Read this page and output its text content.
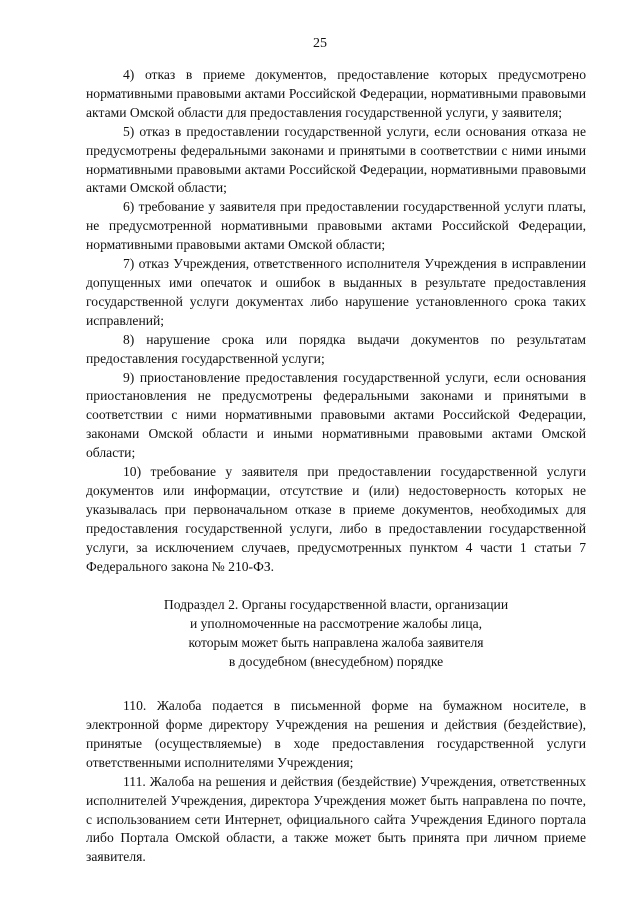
25

4) отказ в приеме документов, предоставление которых предусмотрено нормативными правовыми актами Российской Федерации, нормативными правовыми актами Омской области для предоставления государственной услуги, у заявителя;

5) отказ в предоставлении государственной услуги, если основания отказа не предусмотрены федеральными законами и принятыми в соответствии с ними иными нормативными правовыми актами Российской Федерации, нормативными правовыми актами Омской области;

6) требование у заявителя при предоставлении государственной услуги платы, не предусмотренной нормативными правовыми актами Российской Федерации, нормативными правовыми актами Омской области;

7) отказ Учреждения, ответственного исполнителя Учреждения в исправлении допущенных ими опечаток и ошибок в выданных в результате предоставления государственной услуги документах либо нарушение установленного срока таких исправлений;

8) нарушение срока или порядка выдачи документов по результатам предоставления государственной услуги;

9) приостановление предоставления государственной услуги, если основания приостановления не предусмотрены федеральными законами и принятыми в соответствии с ними нормативными правовыми актами Российской Федерации, законами Омской области и иными нормативными правовыми актами Омской области;

10) требование у заявителя при предоставлении государственной услуги документов или информации, отсутствие и (или) недостоверность которых не указывалась при первоначальном отказе в приеме документов, необходимых для предоставления государственной услуги, либо в предоставлении государственной услуги, за исключением случаев, предусмотренных пунктом 4 части 1 статьи 7 Федерального закона № 210-ФЗ.

Подраздел 2. Органы государственной власти, организации
и уполномоченные на рассмотрение жалобы лица,
которым может быть направлена жалоба заявителя
в досудебном (внесудебном) порядке

110. Жалоба подается в письменной форме на бумажном носителе, в электронной форме директору Учреждения на решения и действия (бездействие), принятые (осуществляемые) в ходе предоставления государственной услуги ответственными исполнителями Учреждения;

111. Жалоба на решения и действия (бездействие) Учреждения, ответственных исполнителей Учреждения, директора Учреждения может быть направлена по почте, с использованием сети Интернет, официального сайта Учреждения Единого портала либо Портала Омской области, а также может быть принята при личном приеме заявителя.
